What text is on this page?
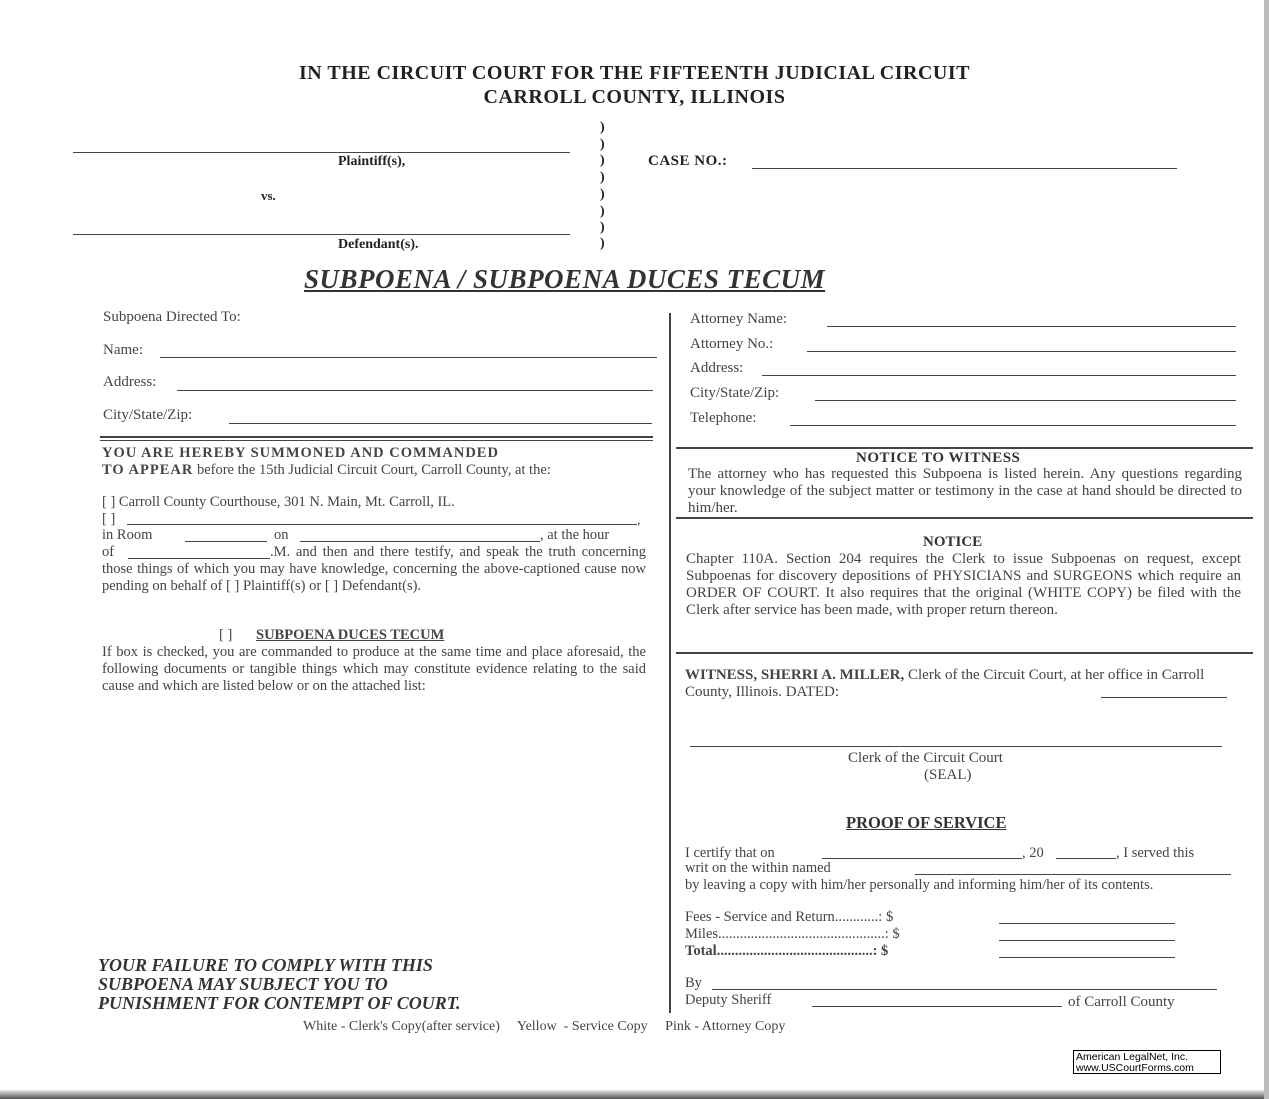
IN THE CIRCUIT COURT FOR THE FIFTEENTH JUDICIAL CIRCUIT
CARROLL COUNTY, ILLINOIS
Plaintiff(s),
vs.
Defendant(s).
)
)
)
)
)
)
)
)
CASE NO.:
SUBPOENA / SUBPOENA DUCES TECUM
Subpoena Directed To:
Name:
Address:
City/State/Zip:
YOU ARE HEREBY SUMMONED AND COMMANDED
TO APPEAR before the 15th Judicial Circuit Court, Carroll County, at the:
[ ] Carroll County Courthouse, 301 N. Main, Mt. Carroll, IL.
[ ]	,
in Room	on	, at the hour
of	.M. and then and there testify, and speak the truth concerning those things of which you may have knowledge, concerning the above-captioned cause now pending on behalf of [ ] Plaintiff(s) or [ ] Defendant(s).
[ ] SUBPOENA DUCES TECUM
If box is checked, you are commanded to produce at the same time and place aforesaid, the following documents or tangible things which may constitute evidence relating to the said cause and which are listed below or on the attached list:
YOUR FAILURE TO COMPLY WITH THIS
SUBPOENA MAY SUBJECT YOU TO
PUNISHMENT FOR CONTEMPT OF COURT.
Attorney Name:
Attorney No.:
Address:
City/State/Zip:
Telephone:
NOTICE TO WITNESS
The attorney who has requested this Subpoena is listed herein. Any questions regarding your knowledge of the subject matter or testimony in the case at hand should be directed to him/her.
NOTICE
Chapter 110A. Section 204 requires the Clerk to issue Subpoenas on request, except Subpoenas for discovery depositions of PHYSICIANS and SURGEONS which require an ORDER OF COURT. It also requires that the original (WHITE COPY) be filed with the Clerk after service has been made, with proper return thereon.
WITNESS, SHERRI A. MILLER, Clerk of the Circuit Court, at her office in Carroll County, Illinois. DATED:
Clerk of the Circuit Court
(SEAL)
PROOF OF SERVICE
I certify that on	, 20	, I served this
writ on the within named
by leaving a copy with him/her personally and informing him/her of its contents.
Fees - Service and Return............: $
Miles..............................................: $
Total...........................................: $
By
Deputy Sheriff	of Carroll County
White - Clerk's Copy(after service)     Yellow  - Service Copy     Pink - Attorney Copy
American LegalNet, Inc.
www.USCourtForms.com
